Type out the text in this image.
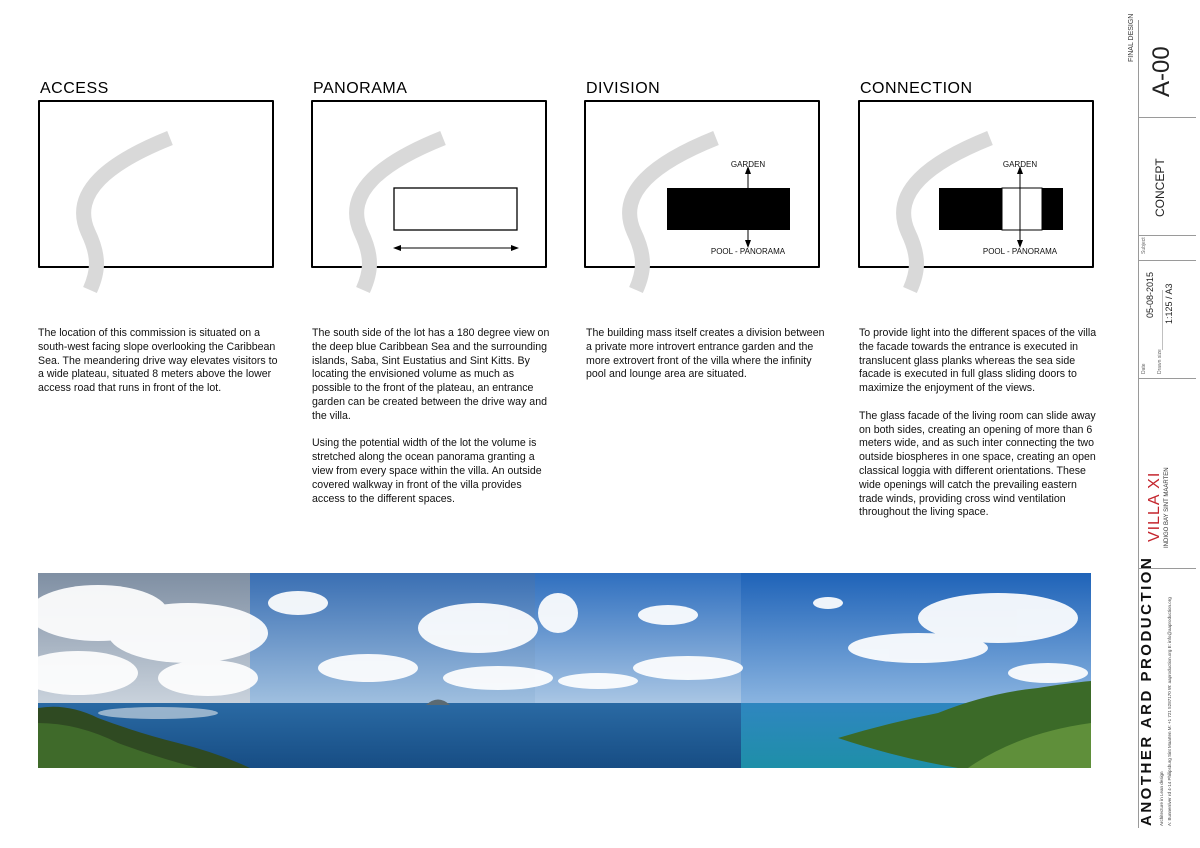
ACCESS

The location of this commission is situated on a south-west facing slope overlooking the Caribbean Sea. The meandering drive way elevates visitors to a wide plateau, situated 8 meters above the lower access road that runs in front of the lot.

PANORAMA

The south side of the lot has a 180 degree view on the deep blue Caribbean Sea and the surrounding islands, Saba, Sint Eustatius and Sint Kitts. By locating the envisioned volume as much as possible to the front of the plateau, an entrance garden can be created between the drive way and the villa.

Using the potential width of the lot the volume is stretched along the ocean panorama granting a view from every space within the villa. An outside covered walkway in front of the villa provides access to the different spaces.

DIVISION
GARDEN
POOL - PANORAMA

The building mass itself creates a division between a private more introvert entrance garden and the more extrovert front of the villa where the infinity pool and lounge area are situated.

CONNECTION
GARDEN
POOL - PANORAMA

To provide light into the different spaces of the villa the facade towards the entrance is executed in translucent glass planks whereas the sea side facade is executed in full glass sliding doors to maximize the enjoyment of the views.

The glass facade of the living room can slide away on both sides, creating an opening of more than 6 meters wide, and as such inter connecting the two outside biospheres in one space, creating an open classical loggia with different orientations. These wide openings will catch the prevailing eastern trade winds, providing cross wind ventilation throughout the living space.

FINAL DESIGN
A-00
Subject
CONCEPT
Date
05-08-2015
Drawn size
1:125 / A3
VILLA XI INDIGO BAY SINT MAARTEN
ANOTHER ARD PRODUCTION Architecture in Lean design A: Bunnerriver rd 4-14 Philipsburg Sint Maarten M: +1 721 5287170 W: aaproduction.org E: info@aaproduction.org
